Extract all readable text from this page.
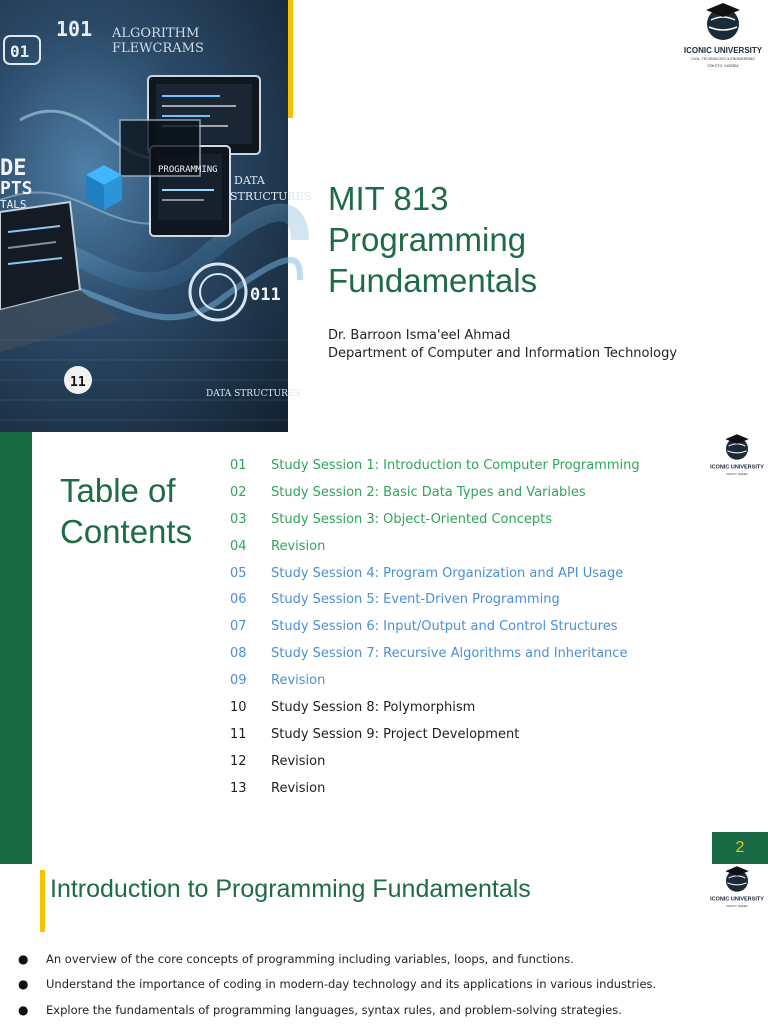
01
101 ALGORITHM
FLEWCRAMS
DE
PTS
TALS
PROGRAMMING
DATA
STRUCTURES
011
11
DATA STRUCTURES
ICONIC UNIVERSITY
CIVIL, TECHNOLOGY & ENGINEERING
SOKOTO, NIGERIA
MIT 813
Programming
Fundamentals
Dr. Barroon Isma'eel Ahmad
Department of Computer and Information Technology
Table of
Contents
01	Study Session 1: Introduction to Computer Programming
02	Study Session 2: Basic Data Types and Variables
03	Study Session 3: Object-Oriented Concepts
04	Revision
05	Study Session 4: Program Organization and API Usage
06	Study Session 5: Event-Driven Programming
07	Study Session 6: Input/Output and Control Structures
08	Study Session 7: Recursive Algorithms and Inheritance
09	Revision
10	Study Session 8: Polymorphism
11	Study Session 9: Project Development
12	Revision
13	Revision
2
ICONIC UNIVERSITY
SOKOTO, NIGERIA
Introduction to Programming Fundamentals	ICONIC UNIVERSITY
SOKOTO, NIGERIA
●	An overview of the core concepts of programming including variables, loops, and functions.
●	Understand the importance of coding in modern-day technology and its applications in various industries.
●	Explore the fundamentals of programming languages, syntax rules, and problem-solving strategies.
